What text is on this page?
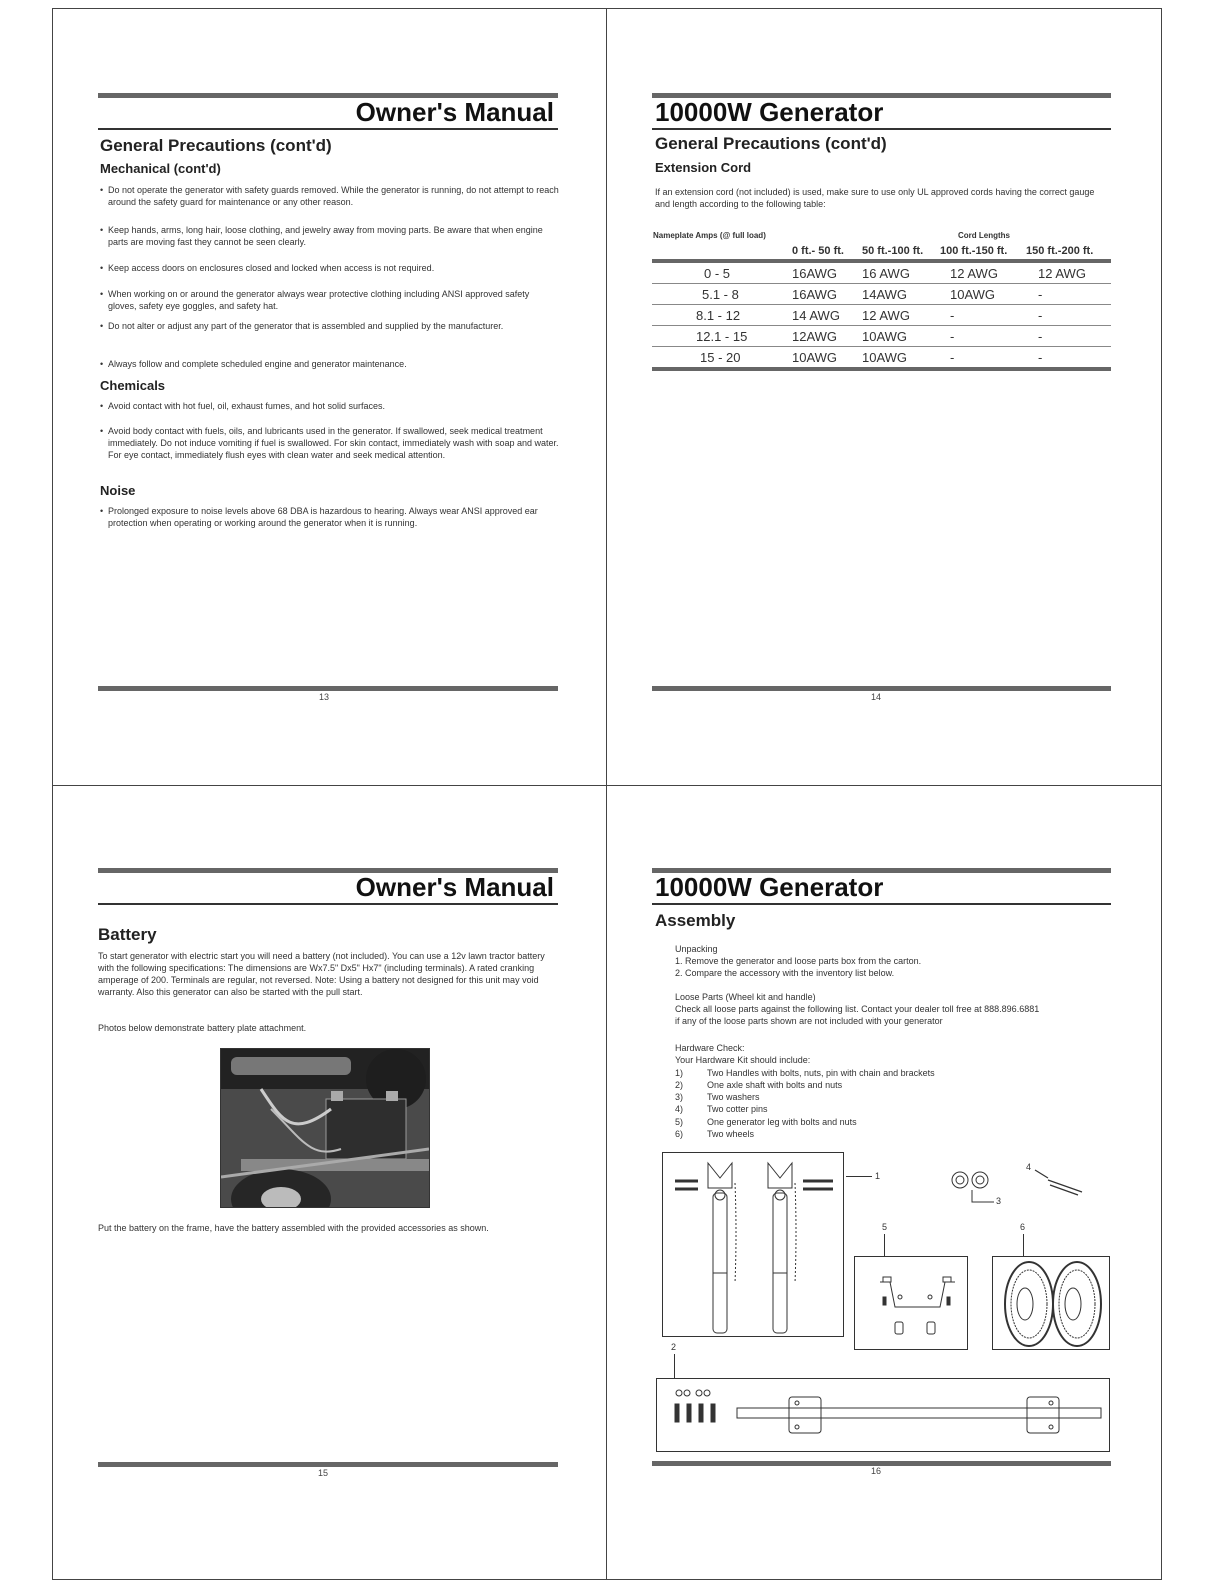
Owner's Manual
General Precautions (cont'd)
Mechanical (cont'd)
• Do not operate the generator with safety guards removed. While the generator is running, do not attempt to reach around the safety guard for maintenance or any other reason.
• Keep hands, arms, long hair, loose clothing, and jewelry away from moving parts. Be aware that when engine parts are moving fast they cannot be seen clearly.
• Keep access doors on enclosures closed and locked when access is not required.
• When working on or around the generator always wear protective clothing including ANSI approved safety gloves, safety eye goggles, and safety hat.
• Do not alter or adjust any part of the generator that is assembled and supplied by the manufacturer.
• Always follow and complete scheduled engine and generator maintenance.
Chemicals
• Avoid contact with hot fuel, oil, exhaust fumes, and hot solid surfaces.
• Avoid body contact with fuels, oils, and lubricants used in the generator. If swallowed, seek medical treatment immediately. Do not induce vomiting if fuel is swallowed. For skin contact, immediately wash with soap and water. For eye contact, immediately flush eyes with clean water and seek medical attention.
Noise
• Prolonged exposure to noise levels above 68 DBA is hazardous to hearing. Always wear ANSI approved ear protection when operating or working around the generator when it is running.
13
10000W Generator
General Precautions (cont'd)
Extension Cord
If an extension cord (not included) is used, make sure to use only UL approved cords having the correct gauge and length according to the following table:
Nameplate Amps (@ full load)	Cord Lengths
	0 ft.- 50 ft.	50 ft.-100 ft.	100 ft.-150 ft.	150 ft.-200 ft.
0 - 5	16AWG	16 AWG	12 AWG	12 AWG
5.1 - 8	16AWG	14AWG	10AWG	-
8.1 - 12	14 AWG	12 AWG	-	-
12.1 - 15	12AWG	10AWG	-	-
15 - 20	10AWG	10AWG	-	-
14
Owner's Manual
Battery
To start generator with electric start you will need a battery (not included). You can use a 12v lawn tractor battery with the following specifications: The dimensions are Wx7.5" Dx5" Hx7" (including terminals). A rated cranking amperage of 200. Terminals are regular, not reversed. Note: Using a battery not designed for this unit may void warranty. Also this generator can also be started with the pull start.
Photos below demonstrate battery plate attachment.
Put the battery on the frame, have the battery assembled with the provided accessories as shown.
15
10000W Generator
Assembly
Unpacking
1. Remove the generator and loose parts box from the carton.
2. Compare the accessory with the inventory list below.
Loose Parts (Wheel kit and handle)
Check all loose parts against the following list. Contact your dealer toll free at 888.896.6881
if any of the loose parts shown are not included with your generator
Hardware Check:
Your Hardware Kit should include:
1)	Two Handles with bolts, nuts, pin with chain and brackets
2)	One axle shaft with bolts and nuts
3)	Two washers
4)	Two cotter pins
5)	One generator leg with bolts and nuts
6)	Two wheels
1
3
4
5	6
2
16
